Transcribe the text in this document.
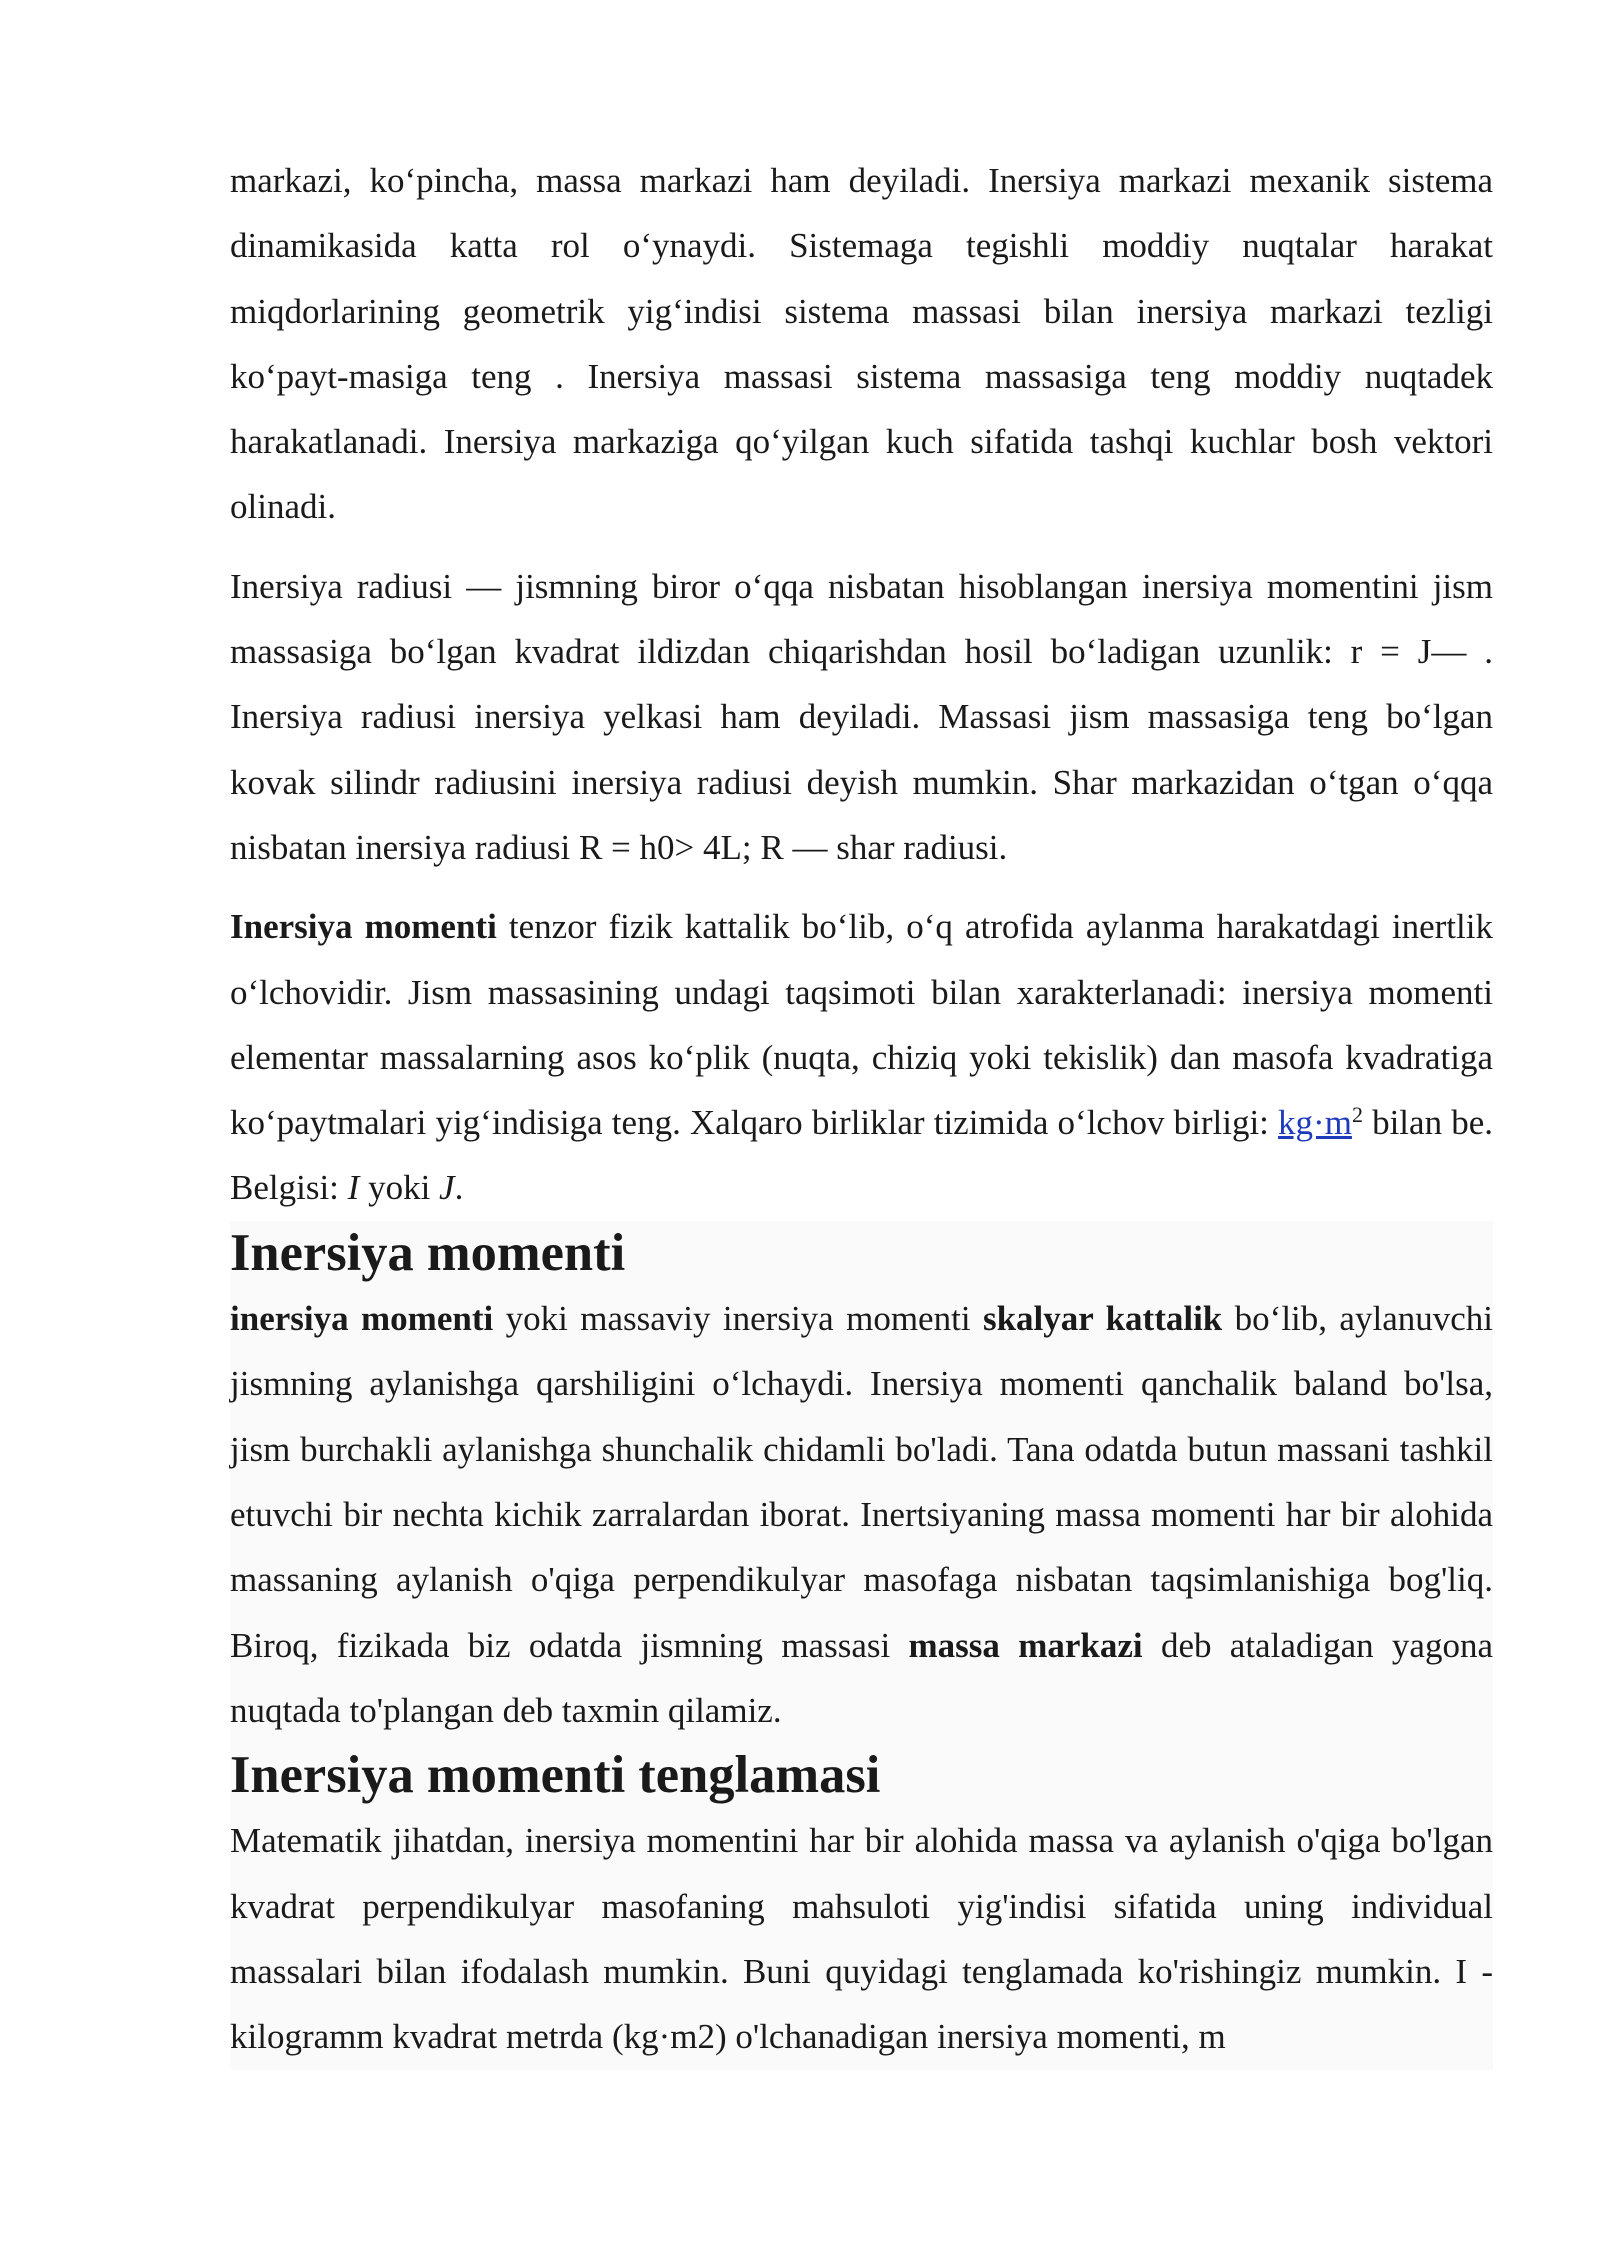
markazi, ko‘pincha, massa markazi ham deyiladi. Inersiya markazi mexanik sistema dinamikasida katta rol o‘ynaydi. Sistemaga tegishli moddiy nuqtalar harakat miqdorlarining geometrik yig‘indisi sistema massasi bilan inersiya markazi tezligi ko‘payt-masiga teng . Inersiya massasi sistema massasiga teng moddiy nuqtadek harakatlanadi. Inersiya markaziga qo‘yilgan kuch sifatida tashqi kuchlar bosh vektori olinadi.

Inersiya radiusi — jismning biror o‘qqa nisbatan hisoblangan inersiya momentini jism massasiga bo‘lgan kvadrat ildizdan chiqarishdan hosil bo‘ladigan uzunlik: r = J— . Inersiya radiusi inersiya yelkasi ham deyiladi. Massasi jism massasiga teng bo‘lgan kovak silindr radiusini inersiya radiusi deyish mumkin. Shar markazidan o‘tgan o‘qqa nisbatan inersiya radiusi R = h0> 4L; R — shar radiusi.

Inersiya momenti tenzor fizik kattalik bo‘lib, o‘q atrofida aylanma harakatdagi inertlik o‘lchovidir. Jism massasining undagi taqsimoti bilan xarakterlanadi: inersiya momenti elementar massalarning asos ko‘plik (nuqta, chiziq yoki tekislik) dan masofa kvadratiga ko‘paytmalari yig‘indisiga teng. Xalqaro birliklar tizimida o‘lchov birligi: $kg\cdot m^2$ bilan be. Belgisi: I yoki J.

Inersiya momenti

inersiya momenti yoki massaviy inersiya momenti skalyar kattalik bo‘lib, aylanuvchi jismning aylanishga qarshiligini o‘lchaydi. Inersiya momenti qanchalik baland bo'lsa, jism burchakli aylanishga shunchalik chidamli bo'ladi. Tana odatda butun massani tashkil etuvchi bir nechta kichik zarralardan iborat. Inertsiyaning massa momenti har bir alohida massaning aylanish o'qiga perpendikulyar masofaga nisbatan taqsimlanishiga bog'liq. Biroq, fizikada biz odatda jismning massasi massa markazi deb ataladigan yagona nuqtada to'plangan deb taxmin qilamiz.

Inersiya momenti tenglamasi

Matematik jihatdan, inersiya momentini har bir alohida massa va aylanish o'qiga bo'lgan kvadrat perpendikulyar masofaning mahsuloti yig'indisi sifatida uning individual massalari bilan ifodalash mumkin. Buni quyidagi tenglamada ko'rishingiz mumkin. I - kilogramm kvadrat metrda (kg·m2) o'lchanadigan inersiya momenti, m
